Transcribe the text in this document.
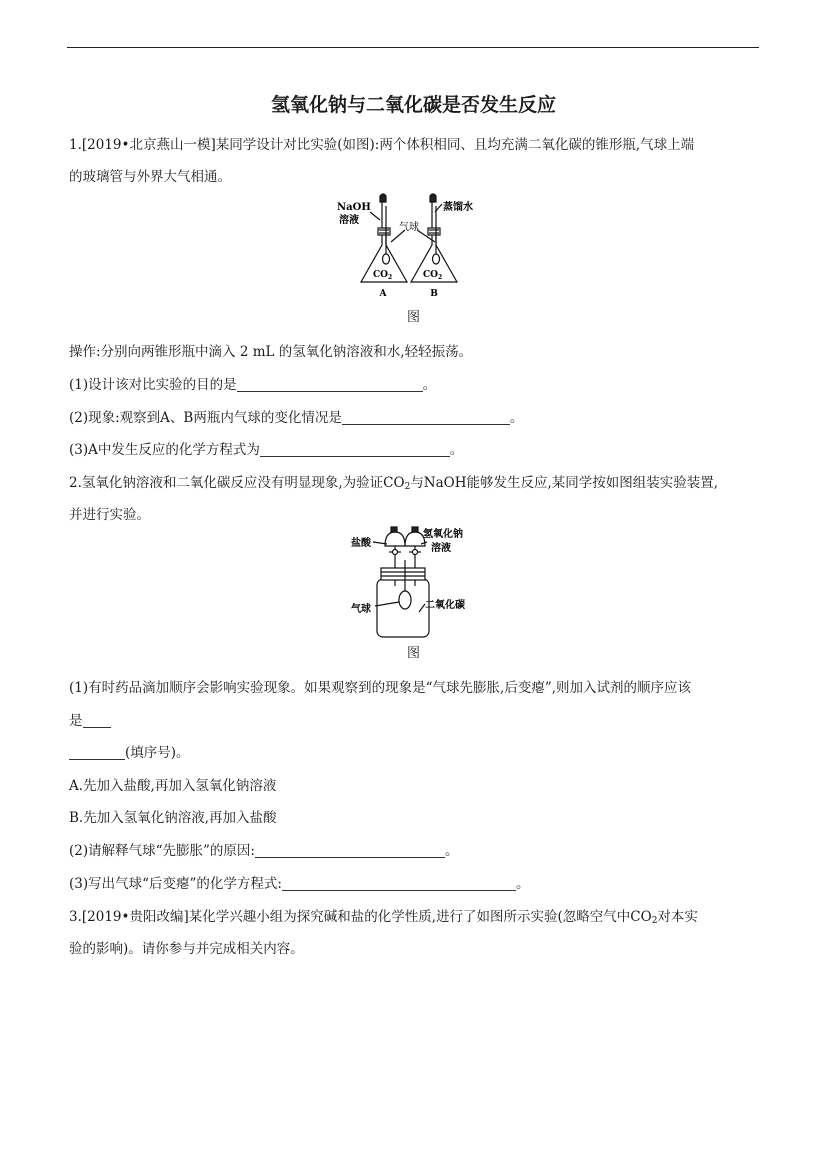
氢氧化钠与二氧化碳是否发生反应
1.[2019•北京燕山一模]某同学设计对比实验(如图):两个体积相同、且均充满二氧化碳的锥形瓶,气球上端
的玻璃管与外界大气相通。
NaOH
溶液
蒸馏水
气球
$CO_2$	$CO_2$
A	B
图
操作:分别向两锥形瓶中滴入 2 mL 的氢氧化钠溶液和水,轻轻振荡。
(1)设计该对比实验的目的是	。
(2)现象:观察到A、B两瓶内气球的变化情况是	。
(3)A中发生反应的化学方程式为	。
2.氢氧化钠溶液和二氧化碳反应没有明显现象,为验证$CO_2$与NaOH能够发生反应,某同学按如图组装实验装置,
并进行实验。
盐酸
氢氧化钠
溶液
气球	二氧化碳
图
(1)有时药品滴加顺序会影响实验现象。如果观察到的现象是“气球先膨胀,后变瘪”,则加入试剂的顺序应该
是
(填序号)。
A.先加入盐酸,再加入氢氧化钠溶液
B.先加入氢氧化钠溶液,再加入盐酸
(2)请解释气球“先膨胀”的原因:	。
(3)写出气球“后变瘪”的化学方程式:	。
3.[2019•贵阳改编]某化学兴趣小组为探究碱和盐的化学性质,进行了如图所示实验(忽略空气中$CO_2$对本实
验的影响)。请你参与并完成相关内容。
